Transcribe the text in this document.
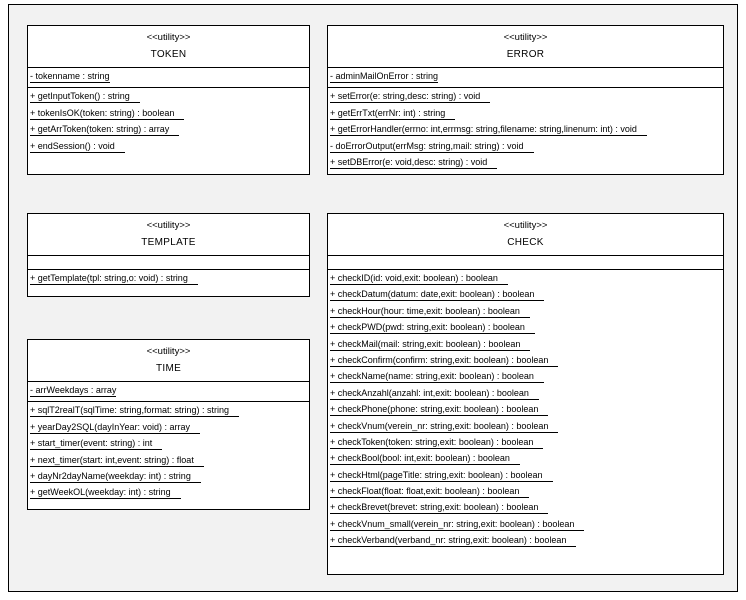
<<utility>>
TOKEN
- tokenname : string
+ getInputToken() : string
+ tokenIsOK(token: string) : boolean
+ getArrToken(token: string) : array
+ endSession() : void
<<utility>>
ERROR
- adminMailOnError : string
+ setError(e: string,desc: string) : void
+ getErrTxt(errNr: int) : string
+ getErrorHandler(errno: int,errmsg: string,filename: string,linenum: int) : void
- doErrorOutput(errMsg: string,mail: string) : void
+ setDBError(e: void,desc: string) : void
<<utility>>
TEMPLATE
+ getTemplate(tpl: string,o: void) : string
<<utility>>
TIME
- arrWeekdays : array
+ sqlT2realT(sqlTime: string,format: string) : string
+ yearDay2SQL(dayInYear: void) : array
+ start_timer(event: string) : int
+ next_timer(start: int,event: string) : float
+ dayNr2dayName(weekday: int) : string
+ getWeekOL(weekday: int) : string
<<utility>>
CHECK
+ checkID(id: void,exit: boolean) : boolean
+ checkDatum(datum: date,exit: boolean) : boolean
+ checkHour(hour: time,exit: boolean) : boolean
+ checkPWD(pwd: string,exit: boolean) : boolean
+ checkMail(mail: string,exit: boolean) : boolean
+ checkConfirm(confirm: string,exit: boolean) : boolean
+ checkName(name: string,exit: boolean) : boolean
+ checkAnzahl(anzahl: int,exit: boolean) : boolean
+ checkPhone(phone: string,exit: boolean) : boolean
+ checkVnum(verein_nr: string,exit: boolean) : boolean
+ checkToken(token: string,exit: boolean) : boolean
+ checkBool(bool: int,exit: boolean) : boolean
+ checkHtml(pageTitle: string,exit: boolean) : boolean
+ checkFloat(float: float,exit: boolean) : boolean
+ checkBrevet(brevet: string,exit: boolean) : boolean
+ checkVnum_small(verein_nr: string,exit: boolean) : boolean
+ checkVerband(verband_nr: string,exit: boolean) : boolean
